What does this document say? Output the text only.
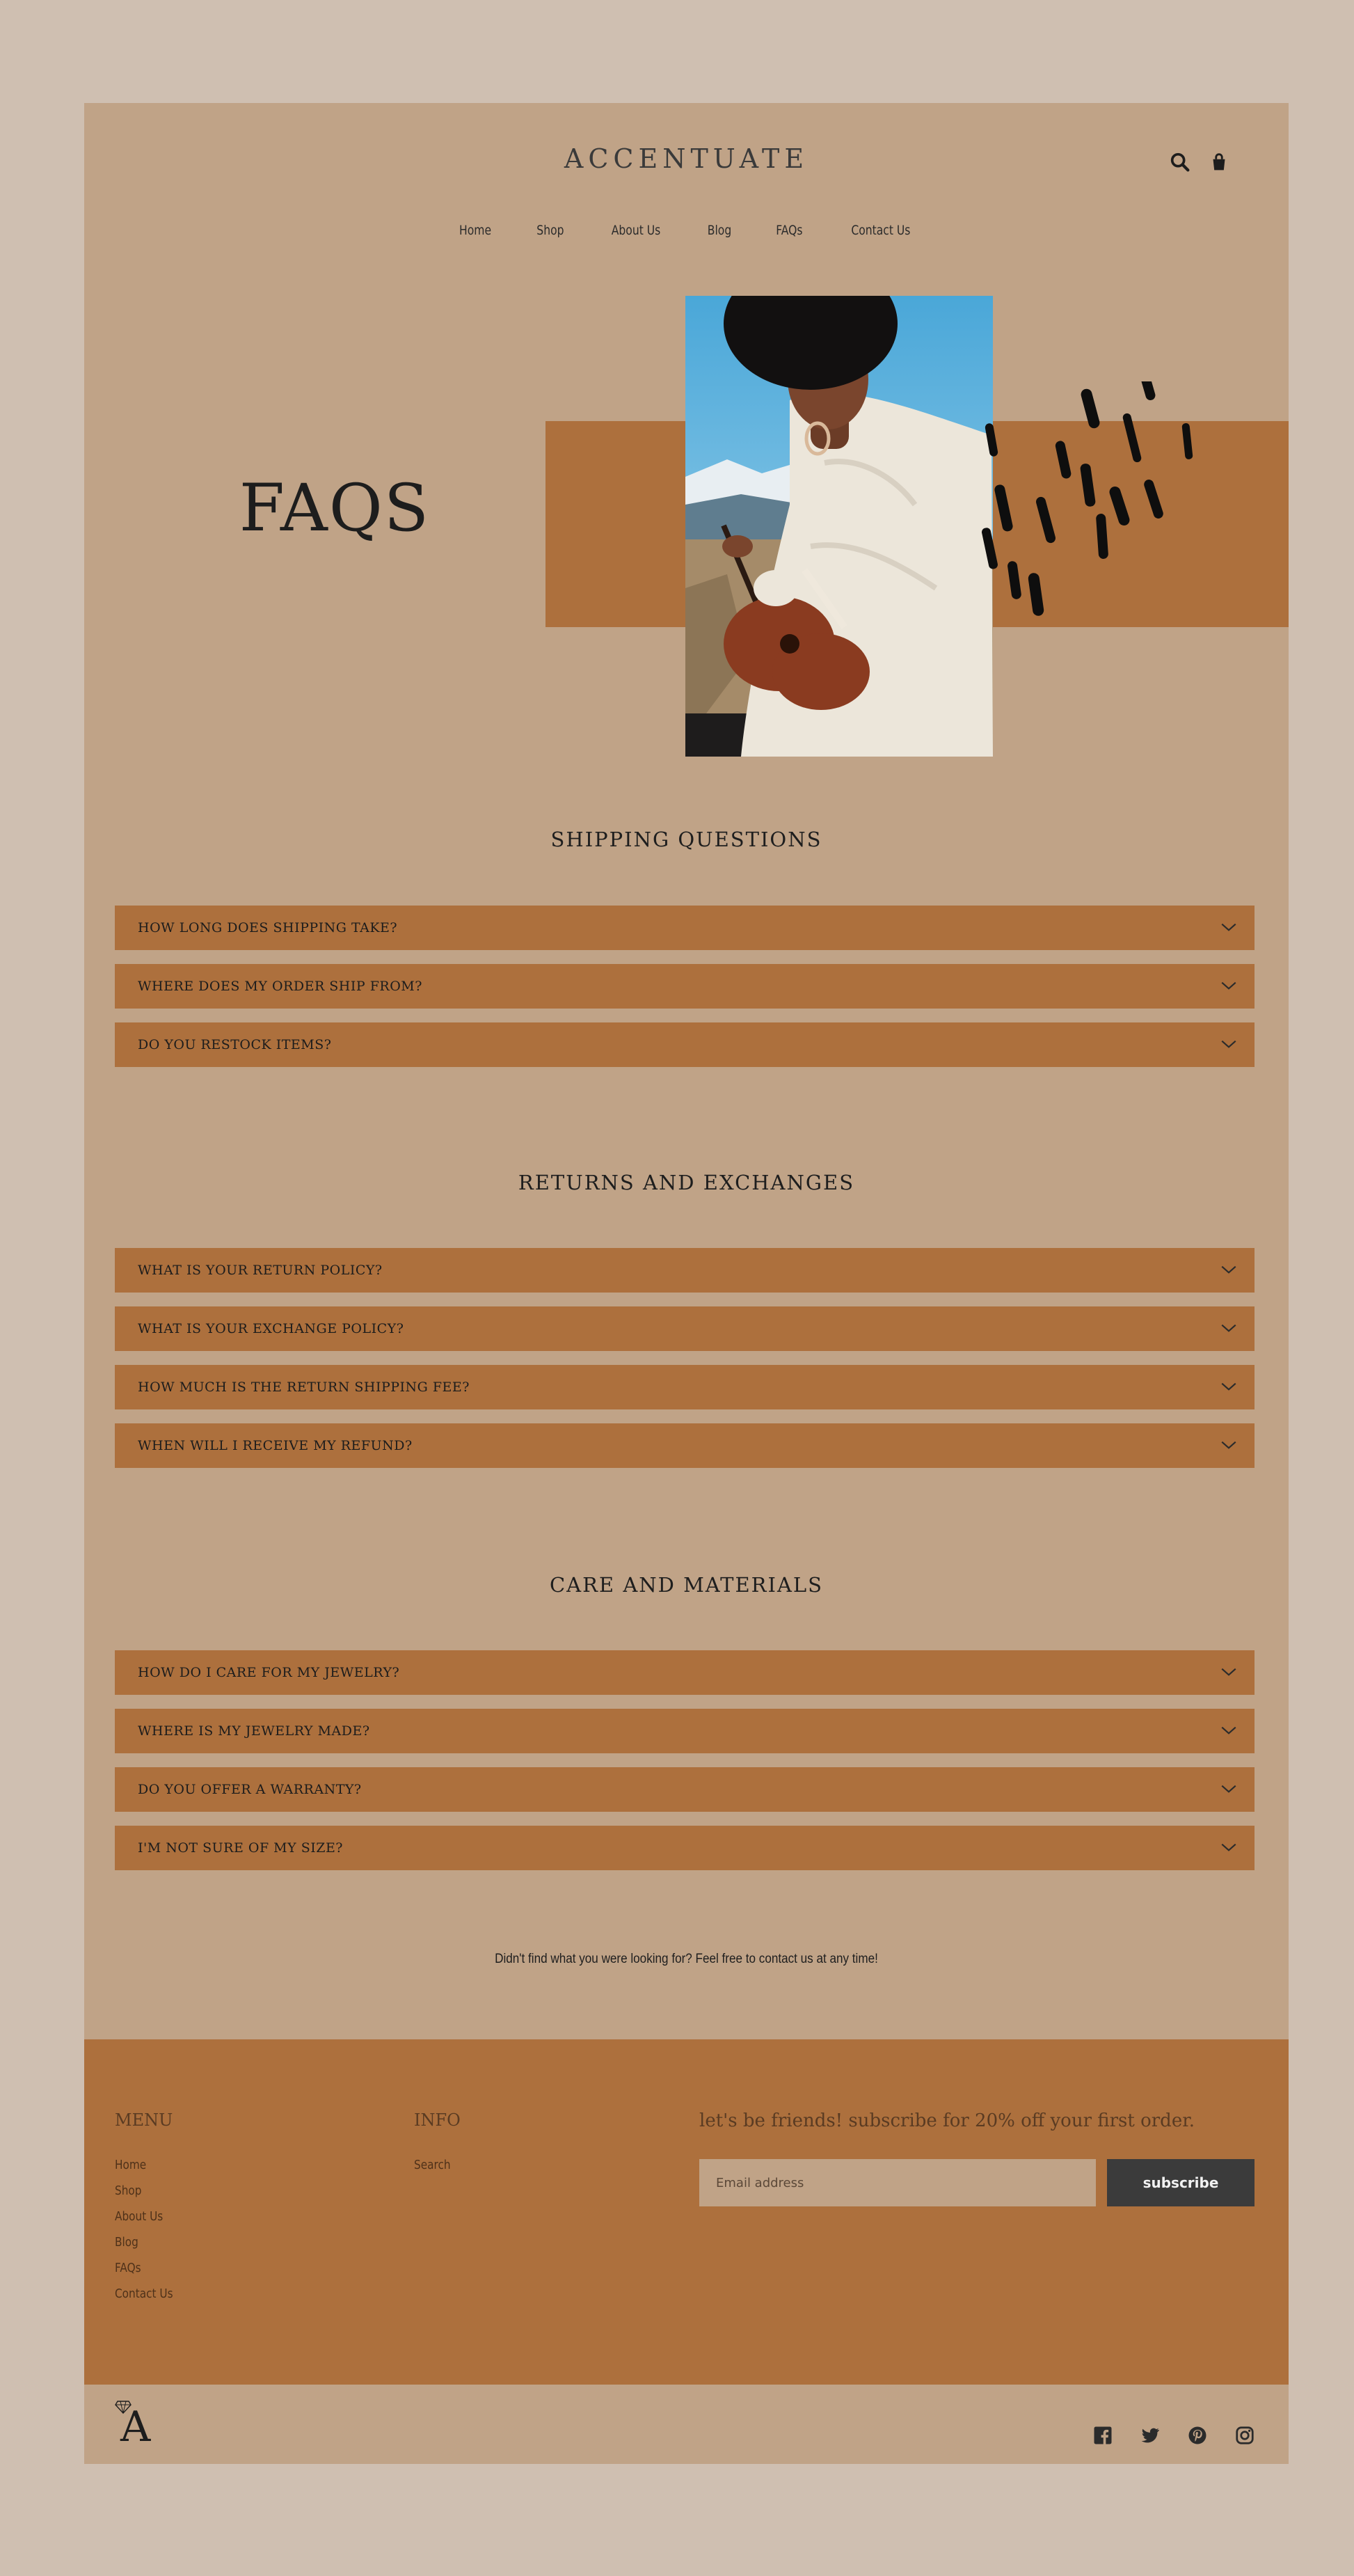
ACCENTUATE
Home	Shop	About Us	Blog	FAQs	Contact Us
FAQS
SHIPPING QUESTIONS
HOW LONG DOES SHIPPING TAKE?
WHERE DOES MY ORDER SHIP FROM?
DO YOU RESTOCK ITEMS?
RETURNS AND EXCHANGES
WHAT IS YOUR RETURN POLICY?
WHAT IS YOUR EXCHANGE POLICY?
HOW MUCH IS THE RETURN SHIPPING FEE?
WHEN WILL I RECEIVE MY REFUND?
CARE AND MATERIALS
HOW DO I CARE FOR MY JEWELRY?
WHERE IS MY JEWELRY MADE?
DO YOU OFFER A WARRANTY?
I'M NOT SURE OF MY SIZE?
Didn't find what you were looking for? Feel free to contact us at any time!
MENU
Home
Shop
About Us
Blog
FAQs
Contact Us
INFO
Search
let's be friends! subscribe for 20% off your first order.
Email address
subscribe
A
